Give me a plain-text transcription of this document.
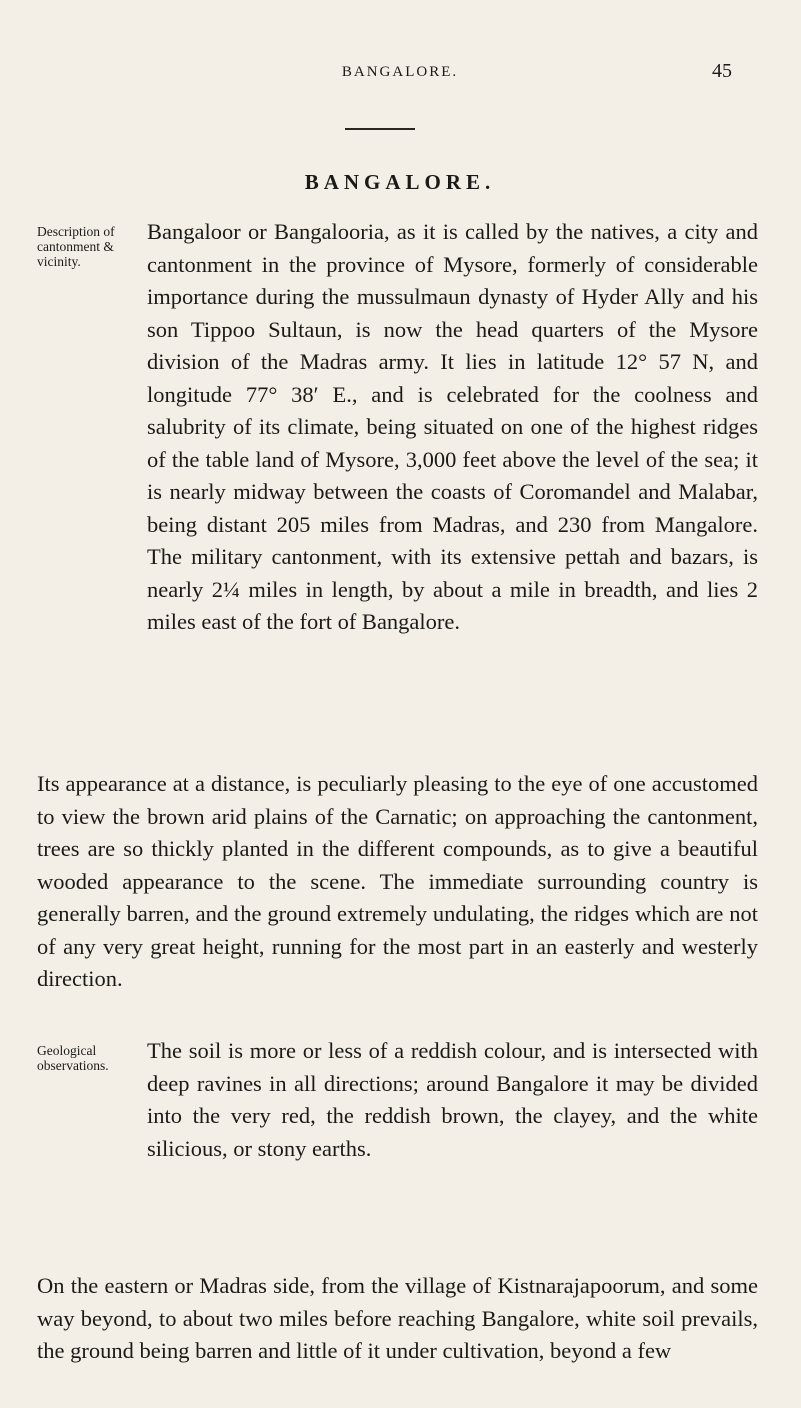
BANGALORE.	45
BANGALORE.
Description of cantonment & vicinity.

Bangaloor or Bangalooria, as it is called by the natives, a city and cantonment in the province of Mysore, formerly of considerable importance during the mussulmaun dynasty of Hyder Ally and his son Tippoo Sultaun, is now the head quarters of the Mysore division of the Madras army. It lies in latitude 12° 57 N, and longitude 77° 38′ E., and is celebrated for the coolness and salubrity of its climate, being situated on one of the highest ridges of the table land of Mysore, 3,000 feet above the level of the sea; it is nearly midway between the coasts of Coromandel and Malabar, being distant 205 miles from Madras, and 230 from Mangalore. The military cantonment, with its extensive pettah and bazars, is nearly 2¼ miles in length, by about a mile in breadth, and lies 2 miles east of the fort of Bangalore.

Its appearance at a distance, is peculiarly pleasing to the eye of one accustomed to view the brown arid plains of the Carnatic; on approaching the cantonment, trees are so thickly planted in the different compounds, as to give a beautiful wooded appearance to the scene. The immediate surrounding country is generally barren, and the ground extremely undulating, the ridges which are not of any very great height, running for the most part in an easterly and westerly direction.

Geological observations.

The soil is more or less of a reddish colour, and is intersected with deep ravines in all directions; around Bangalore it may be divided into the very red, the reddish brown, the clayey, and the white silicious, or stony earths.

On the eastern or Madras side, from the village of Kistnarajapoorum, and some way beyond, to about two miles before reaching Bangalore, white soil prevails, the ground being barren and little of it under cultivation, beyond a few
